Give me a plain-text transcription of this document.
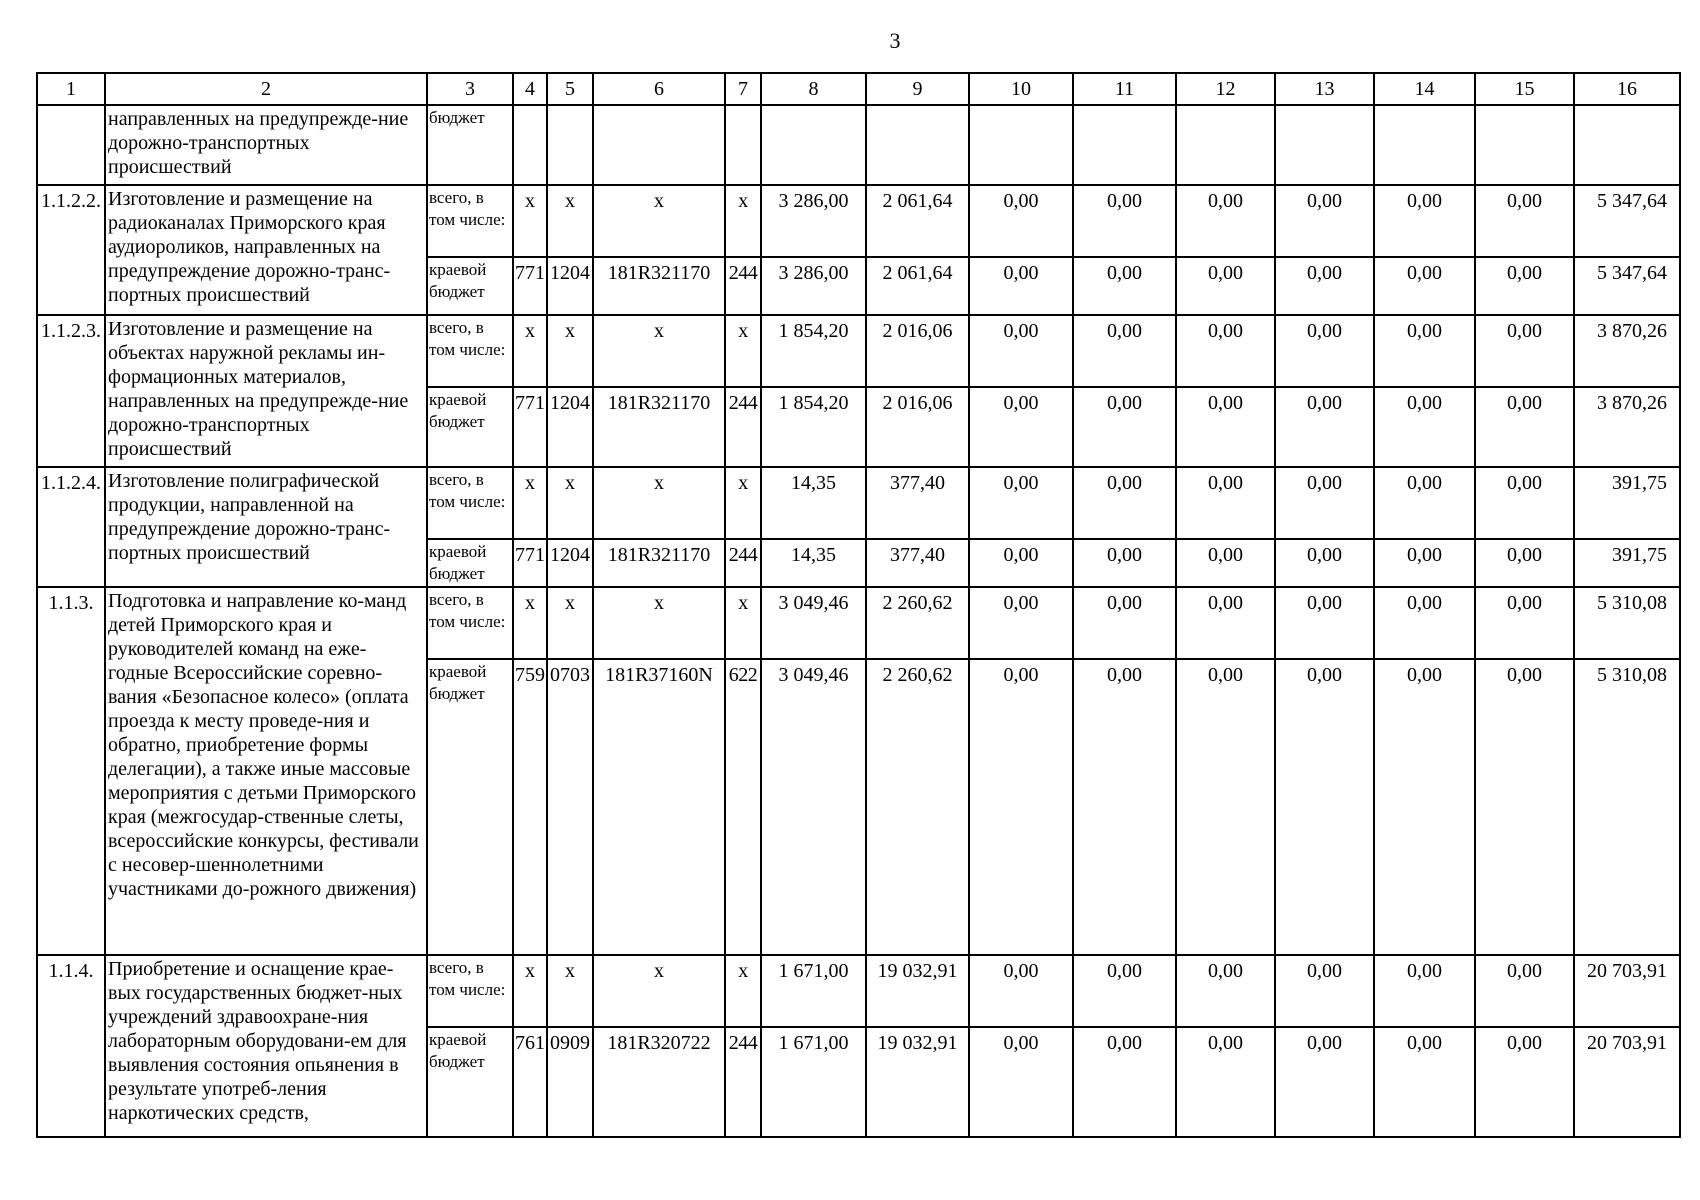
3
1	2	3	4	5	6	7	8	9	10	11	12	13	14	15	16
	направленных на предупрежде-ние дорожно-транспортных происшествий	бюджет													
1.1.2.2.	Изготовление и размещение на радиоканалах Приморского края аудиороликов, направленных на предупреждение дорожно-транс-портных происшествий	всего, в том числе:	x	x	x	x	3 286,00	2 061,64	0,00	0,00	0,00	0,00	0,00	0,00	5 347,64
		краевой бюджет	771	1204	181R321170	244	3 286,00	2 061,64	0,00	0,00	0,00	0,00	0,00	0,00	5 347,64
1.1.2.3.	Изготовление и размещение на объектах наружной рекламы ин-формационных материалов, направленных на предупрежде-ние дорожно-транспортных происшествий	всего, в том числе:	x	x	x	x	1 854,20	2 016,06	0,00	0,00	0,00	0,00	0,00	0,00	3 870,26
		краевой бюджет	771	1204	181R321170	244	1 854,20	2 016,06	0,00	0,00	0,00	0,00	0,00	0,00	3 870,26
1.1.2.4.	Изготовление полиграфической продукции, направленной на предупреждение дорожно-транс-портных происшествий	всего, в том числе:	x	x	x	x	14,35	377,40	0,00	0,00	0,00	0,00	0,00	0,00	391,75
		краевой бюджет	771	1204	181R321170	244	14,35	377,40	0,00	0,00	0,00	0,00	0,00	0,00	391,75
1.1.3.	Подготовка и направление ко-манд детей Приморского края и руководителей команд на еже-годные Всероссийские соревно-вания «Безопасное колесо» (оплата проезда к месту проведе-ния и обратно, приобретение формы делегации), а также иные массовые мероприятия с детьми Приморского края (межгосудар-ственные слеты, всероссийские конкурсы, фестивали с несовер-шеннолетними участниками до-рожного движения)	всего, в том числе:	x	x	x	x	3 049,46	2 260,62	0,00	0,00	0,00	0,00	0,00	0,00	5 310,08
		краевой бюджет	759	0703	181R37160N	622	3 049,46	2 260,62	0,00	0,00	0,00	0,00	0,00	0,00	5 310,08
1.1.4.	Приобретение и оснащение крае-вых государственных бюджет-ных учреждений здравоохране-ния лабораторным оборудовани-ем для выявления состояния опьянения в результате употреб-ления наркотических средств,	всего, в том числе:	x	x	x	x	1 671,00	19 032,91	0,00	0,00	0,00	0,00	0,00	0,00	20 703,91
		краевой бюджет	761	0909	181R320722	244	1 671,00	19 032,91	0,00	0,00	0,00	0,00	0,00	0,00	20 703,91
